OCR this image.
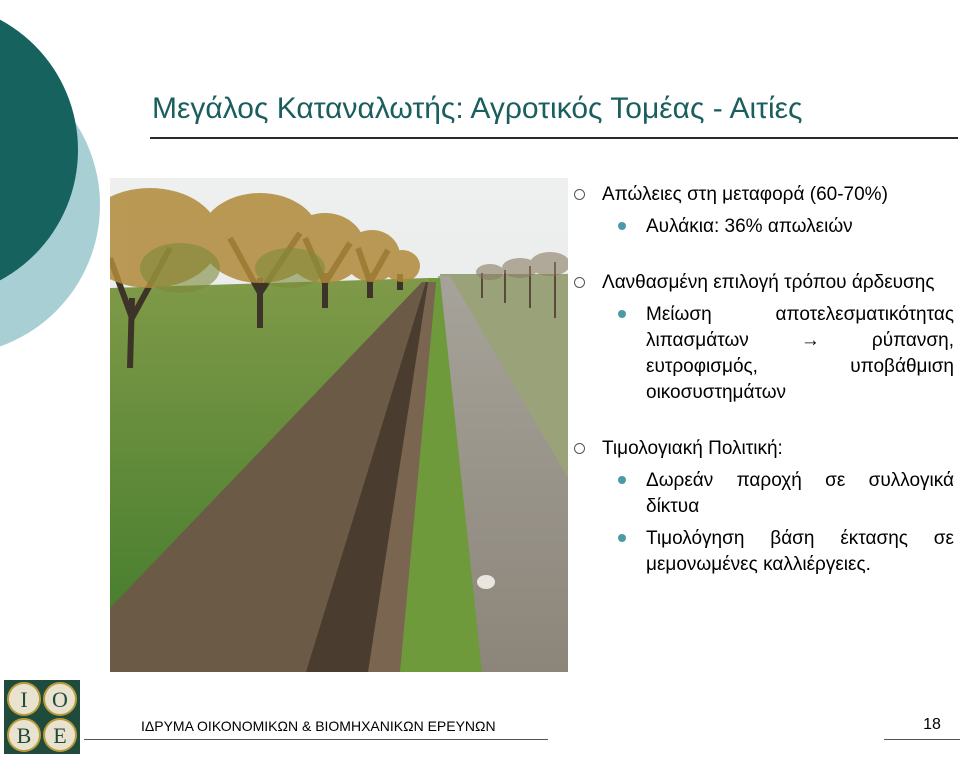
Μεγάλος Καταναλωτής: Αγροτικός Τομέας - Αιτίες
Απώλειες στη μεταφορά (60-70%)
Αυλάκια: 36% απωλειών
Λανθασμένη επιλογή τρόπου άρδευσης
Μείωση αποτελεσματικότητας λιπασμάτων → ρύπανση, ευτροφισμός, υποβάθμιση οικοσυστημάτων
Τιμολογιακή Πολιτική:
Δωρεάν παροχή σε συλλογικά δίκτυα
Τιμολόγηση βάση έκτασης σε μεμονωμένες καλλιέργειες.
Ι Ο
Β Ε	ΙΔΡΥΜΑ ΟΙΚΟΝΟΜΙΚΩΝ & ΒΙΟΜΗΧΑΝΙΚΩΝ ΕΡΕΥΝΩΝ	18
